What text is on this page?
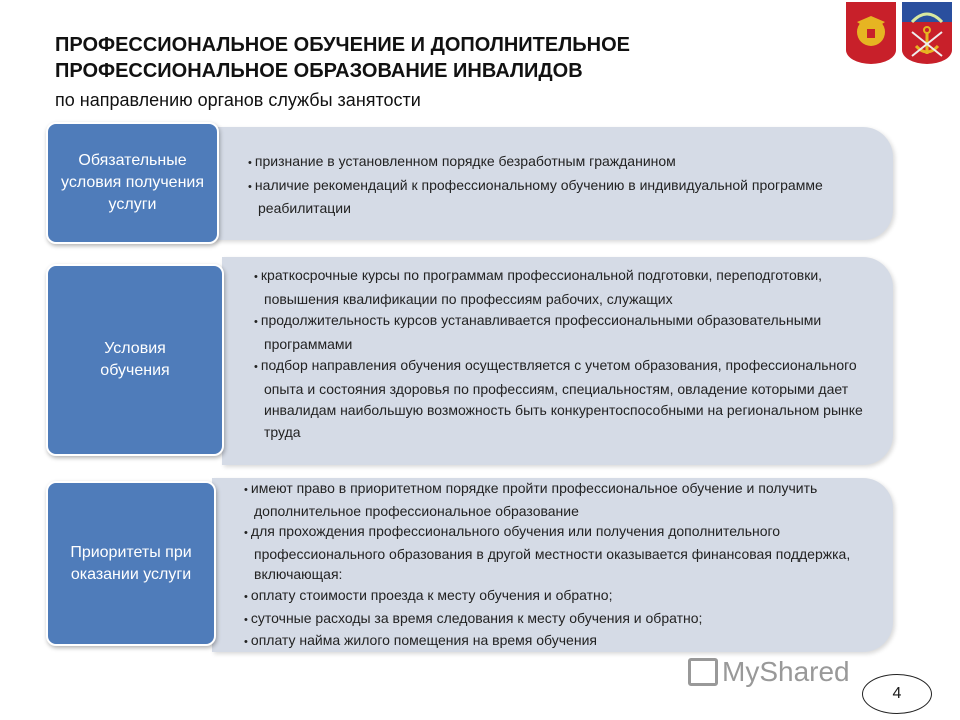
ПРОФЕССИОНАЛЬНОЕ ОБУЧЕНИЕ И ДОПОЛНИТЕЛЬНОЕ
ПРОФЕССИОНАЛЬНОЕ ОБРАЗОВАНИЕ ИНВАЛИДОВ
по направлению органов службы занятости
• признание в установленном порядке безработным гражданином
• наличие рекомендаций к профессиональному обучению в индивидуальной программе реабилитации
Обязательные условия получения услуги
• краткосрочные курсы по программам профессиональной подготовки, переподготовки, повышения квалификации по профессиям рабочих, служащих
• продолжительность курсов устанавливается профессиональными образовательными программами
• подбор направления обучения осуществляется с учетом образования, профессионального опыта и состояния здоровья по профессиям, специальностям, овладение которыми дает инвалидам наибольшую возможность быть конкурентоспособными на региональном рынке труда
Условия обучения
• имеют право в приоритетном порядке пройти профессиональное обучение и получить дополнительное профессиональное образование
• для прохождения профессионального обучения или получения дополнительного профессионального образования в другой местности оказывается финансовая поддержка, включающая:
• оплату стоимости проезда к месту обучения и обратно;
• суточные расходы за время следования к месту обучения и обратно;
• оплату найма жилого помещения на время обучения
Приоритеты при оказании услуги
MyShared
4
